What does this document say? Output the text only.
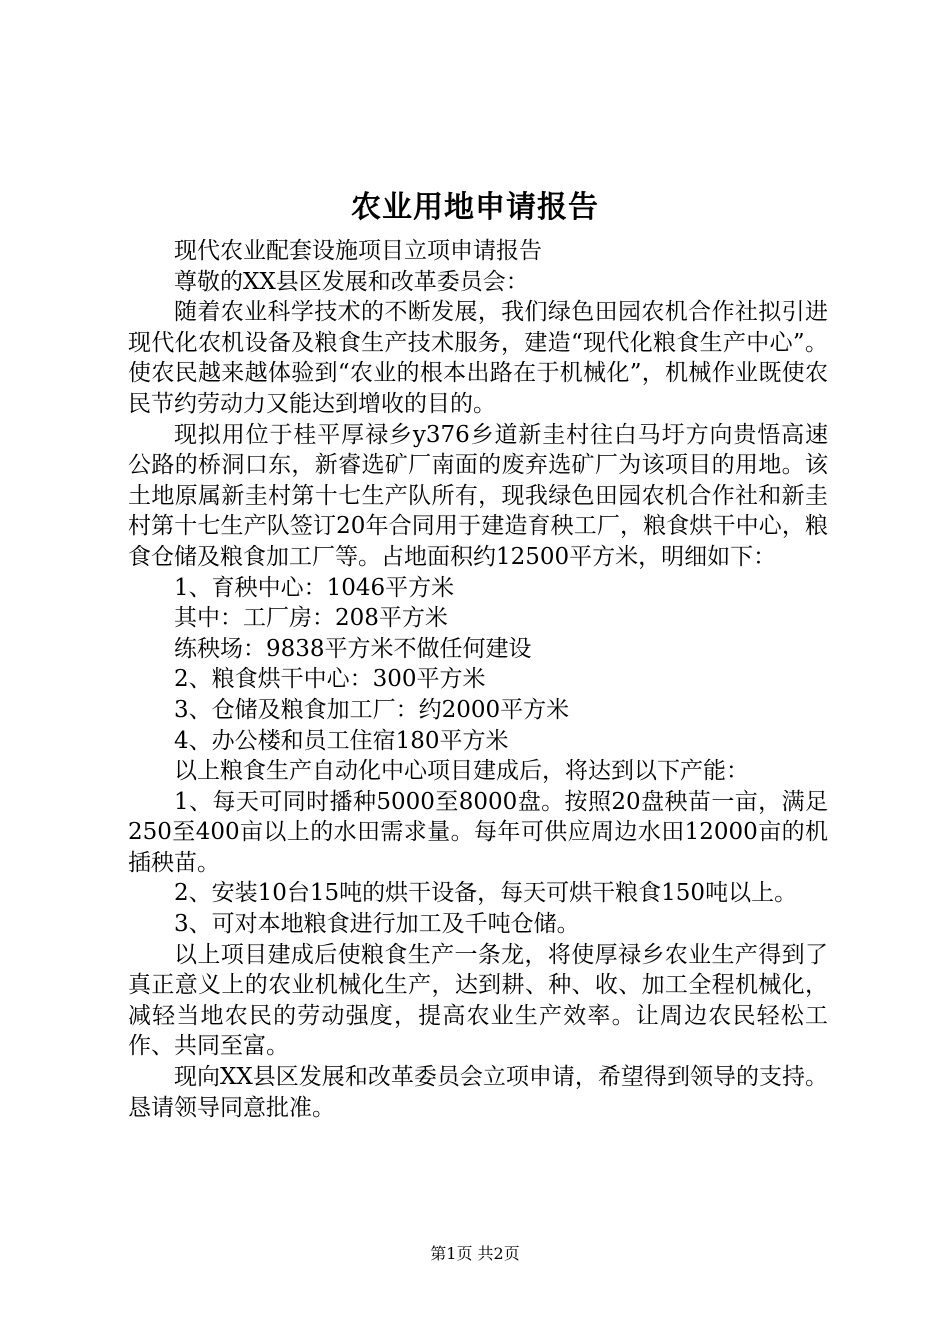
农业用地申请报告

现代农业配套设施项目立项申请报告

尊敬的XX县区发展和改革委员会：

随着农业科学技术的不断发展，我们绿色田园农机合作社拟引进现代化农机设备及粮食生产技术服务，建造“现代化粮食生产中心”。使农民越来越体验到“农业的根本出路在于机械化”，机械作业既使农民节约劳动力又能达到增收的目的。

现拟用位于桂平厚禄乡y376乡道新圭村往白马圩方向贵悟高速公路的桥洞口东，新睿选矿厂南面的废弃选矿厂为该项目的用地。该土地原属新圭村第十七生产队所有，现我绿色田园农机合作社和新圭村第十七生产队签订20年合同用于建造育秧工厂，粮食烘干中心，粮食仓储及粮食加工厂等。占地面积约12500平方米，明细如下：

1、育秧中心：1046平方米

其中：工厂房：208平方米

练秧场：9838平方米不做任何建设

2、粮食烘干中心：300平方米

3、仓储及粮食加工厂：约2000平方米

4、办公楼和员工住宿180平方米

以上粮食生产自动化中心项目建成后，将达到以下产能：

1、每天可同时播种5000至8000盘。按照20盘秧苗一亩，满足250至400亩以上的水田需求量。每年可供应周边水田12000亩的机插秧苗。

2、安装10台15吨的烘干设备，每天可烘干粮食150吨以上。

3、可对本地粮食进行加工及千吨仓储。

以上项目建成后使粮食生产一条龙，将使厚禄乡农业生产得到了真正意义上的农业机械化生产，达到耕、种、收、加工全程机械化，减轻当地农民的劳动强度，提高农业生产效率。让周边农民轻松工作、共同至富。

现向XX县区发展和改革委员会立项申请，希望得到领导的支持。恳请领导同意批准。

第1页 共2页
